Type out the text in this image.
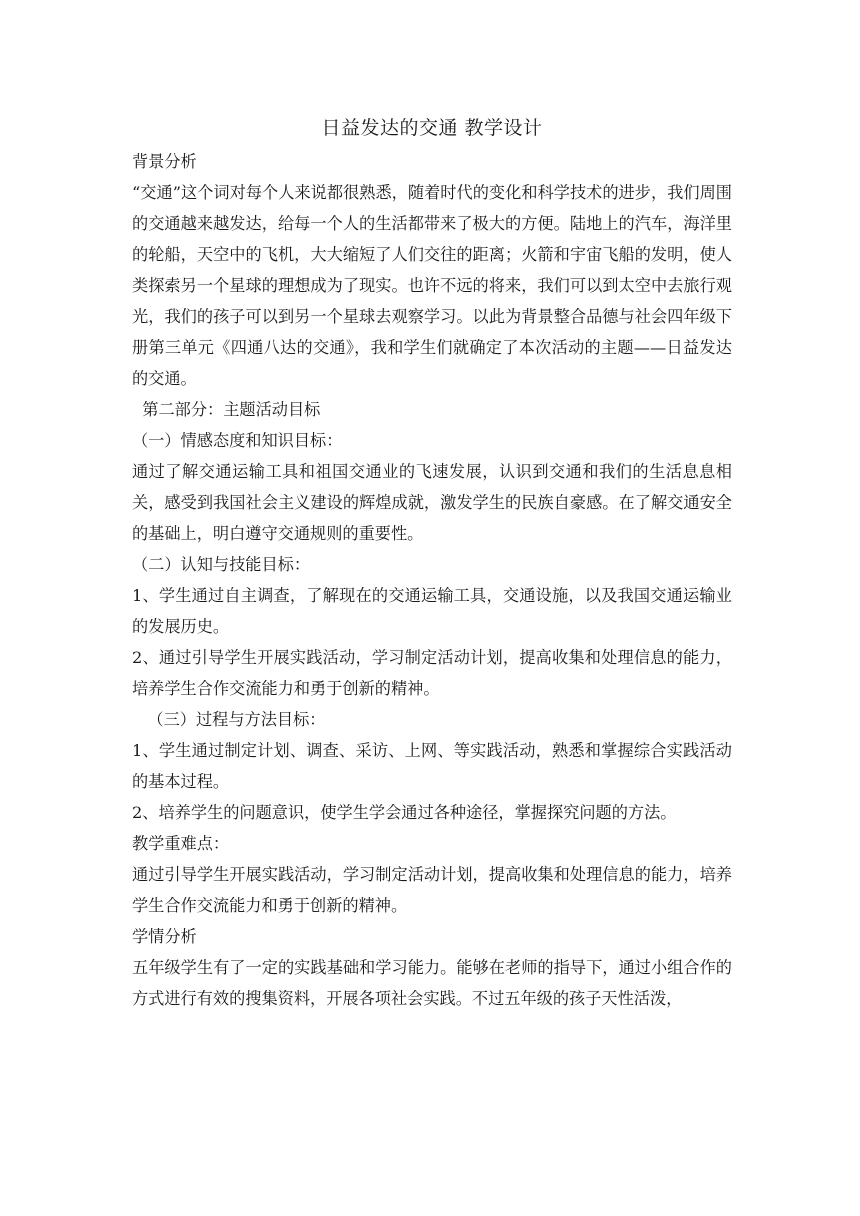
日益发达的交通 教学设计

背景分析

“交通”这个词对每个人来说都很熟悉，随着时代的变化和科学技术的进步，我们周围的交通越来越发达，给每一个人的生活都带来了极大的方便。陆地上的汽车，海洋里的轮船，天空中的飞机，大大缩短了人们交往的距离；火箭和宇宙飞船的发明，使人类探索另一个星球的理想成为了现实。也许不远的将来，我们可以到太空中去旅行观光，我们的孩子可以到另一个星球去观察学习。以此为背景整合品德与社会四年级下册第三单元《四通八达的交通》，我和学生们就确定了本次活动的主题——日益发达的交通。

第二部分：主题活动目标

（一）情感态度和知识目标：

通过了解交通运输工具和祖国交通业的飞速发展，认识到交通和我们的生活息息相关，感受到我国社会主义建设的辉煌成就，激发学生的民族自豪感。在了解交通安全的基础上，明白遵守交通规则的重要性。

（二）认知与技能目标：

1、学生通过自主调查，了解现在的交通运输工具，交通设施，以及我国交通运输业的发展历史。

2、通过引导学生开展实践活动，学习制定活动计划，提高收集和处理信息的能力，培养学生合作交流能力和勇于创新的精神。

（三）过程与方法目标：

1、学生通过制定计划、调查、采访、上网、等实践活动，熟悉和掌握综合实践活动的基本过程。

2、培养学生的问题意识，使学生学会通过各种途径，掌握探究问题的方法。

教学重难点：

通过引导学生开展实践活动，学习制定活动计划，提高收集和处理信息的能力，培养学生合作交流能力和勇于创新的精神。

学情分析

五年级学生有了一定的实践基础和学习能力。能够在老师的指导下，通过小组合作的方式进行有效的搜集资料，开展各项社会实践。不过五年级的孩子天性活泼，
